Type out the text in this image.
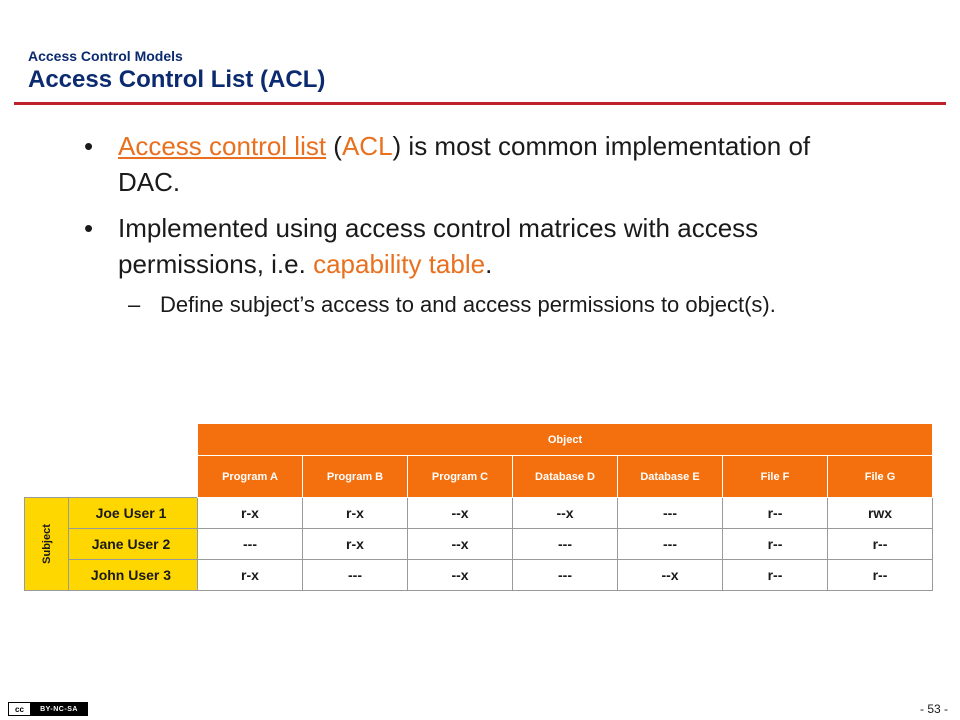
Access Control Models
Access Control List (ACL)
• Access control list (ACL) is most common implementation of DAC.
• Implemented using access control matrices with access permissions, i.e. capability table.
– Define subject’s access to and access permissions to object(s).
		Object						
		Program A	Program B	Program C	Database D	Database E	File F	File G
Subject	Joe User 1	r-x	r-x	--x	--x	---	r--	rwx
	Jane User 2	---	r-x	--x	---	---	r--	r--
	John User 3	r-x	---	--x	---	--x	r--	r--
cc	BY-NC-SA	- 53 -
